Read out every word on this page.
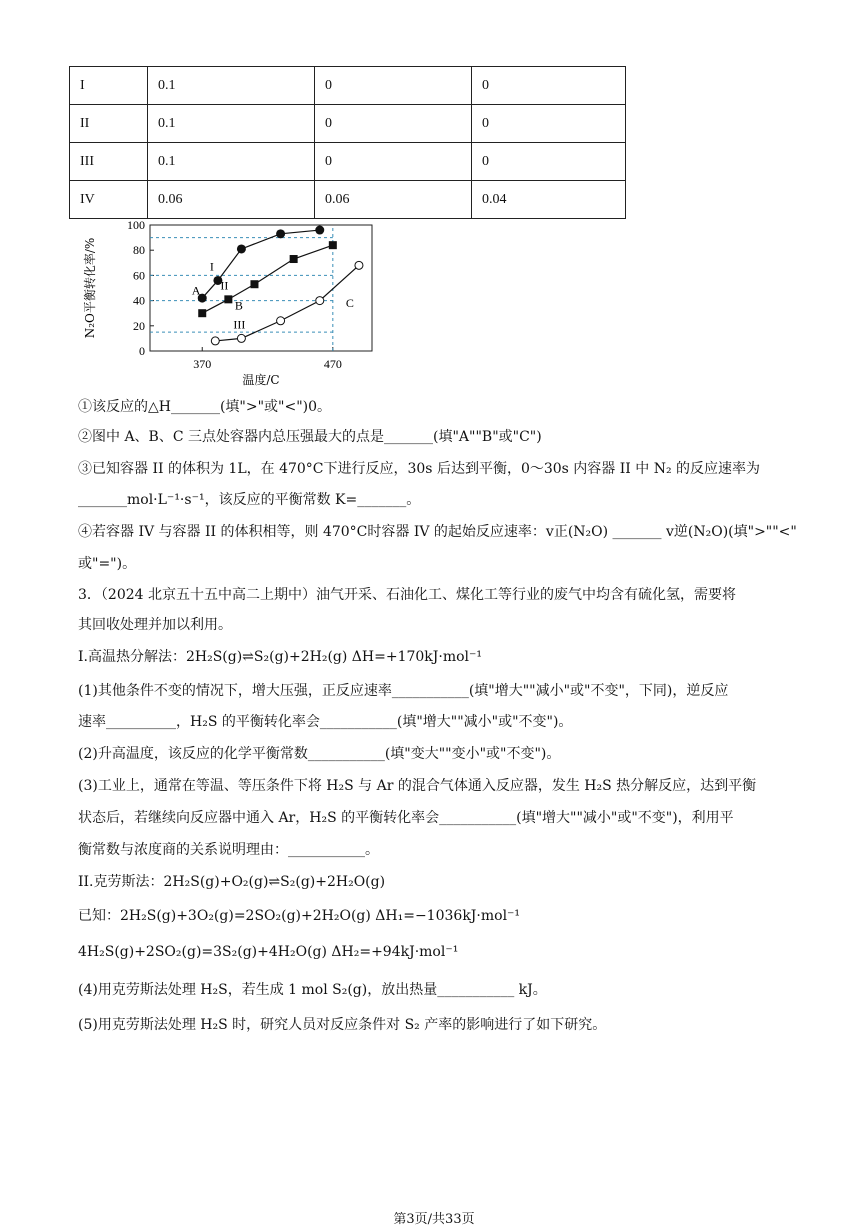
I	0.1	0	0
II	0.1	0	0
III	0.1	0	0
IV	0.06	0.06	0.04
0
20
40
60
80
100
370	470
I
II
III
A
B	C
N₂O平衡转化率/%
温度/C
①该反应的△H_______(填">"或"<")0。
②图中 A、B、C 三点处容器内总压强最大的点是_______(填"A""B"或"C")
③已知容器 II 的体积为 1L，在 470°C下进行反应，30s 后达到平衡，0～30s 内容器 II 中 N₂ 的反应速率为
_______mol·L⁻¹·s⁻¹，该反应的平衡常数 K=_______。
④若容器 IV 与容器 II 的体积相等，则 470°C时容器 IV 的起始反应速率：v正(N₂O) _______ v逆(N₂O)(填">""<"
或"=")。
3．（2024 北京五十五中高二上期中）油气开采、石油化工、煤化工等行业的废气中均含有硫化氢，需要将
其回收处理并加以利用。
I.高温热分解法：2H₂S(g)⇌S₂(g)+2H₂(g) ΔH=+170kJ·mol⁻¹
(1)其他条件不变的情况下，增大压强，正反应速率___________(填"增大""减小"或"不变"，下同)，逆反应
速率__________，H₂S 的平衡转化率会___________(填"增大""减小"或"不变")。
(2)升高温度，该反应的化学平衡常数___________(填"变大""变小"或"不变")。
(3)工业上，通常在等温、等压条件下将 H₂S 与 Ar 的混合气体通入反应器，发生 H₂S 热分解反应，达到平衡
状态后，若继续向反应器中通入 Ar，H₂S 的平衡转化率会___________(填"增大""减小"或"不变")，利用平
衡常数与浓度商的关系说明理由：___________。
II.克劳斯法：2H₂S(g)+O₂(g)⇌S₂(g)+2H₂O(g)
已知：2H₂S(g)+3O₂(g)=2SO₂(g)+2H₂O(g) ΔH₁=−1036kJ·mol⁻¹
4H₂S(g)+2SO₂(g)=3S₂(g)+4H₂O(g) ΔH₂=+94kJ·mol⁻¹
(4)用克劳斯法处理 H₂S，若生成 1 mol S₂(g)，放出热量___________ kJ。
(5)用克劳斯法处理 H₂S 时，研究人员对反应条件对 S₂ 产率的影响进行了如下研究。
第3页/共33页
